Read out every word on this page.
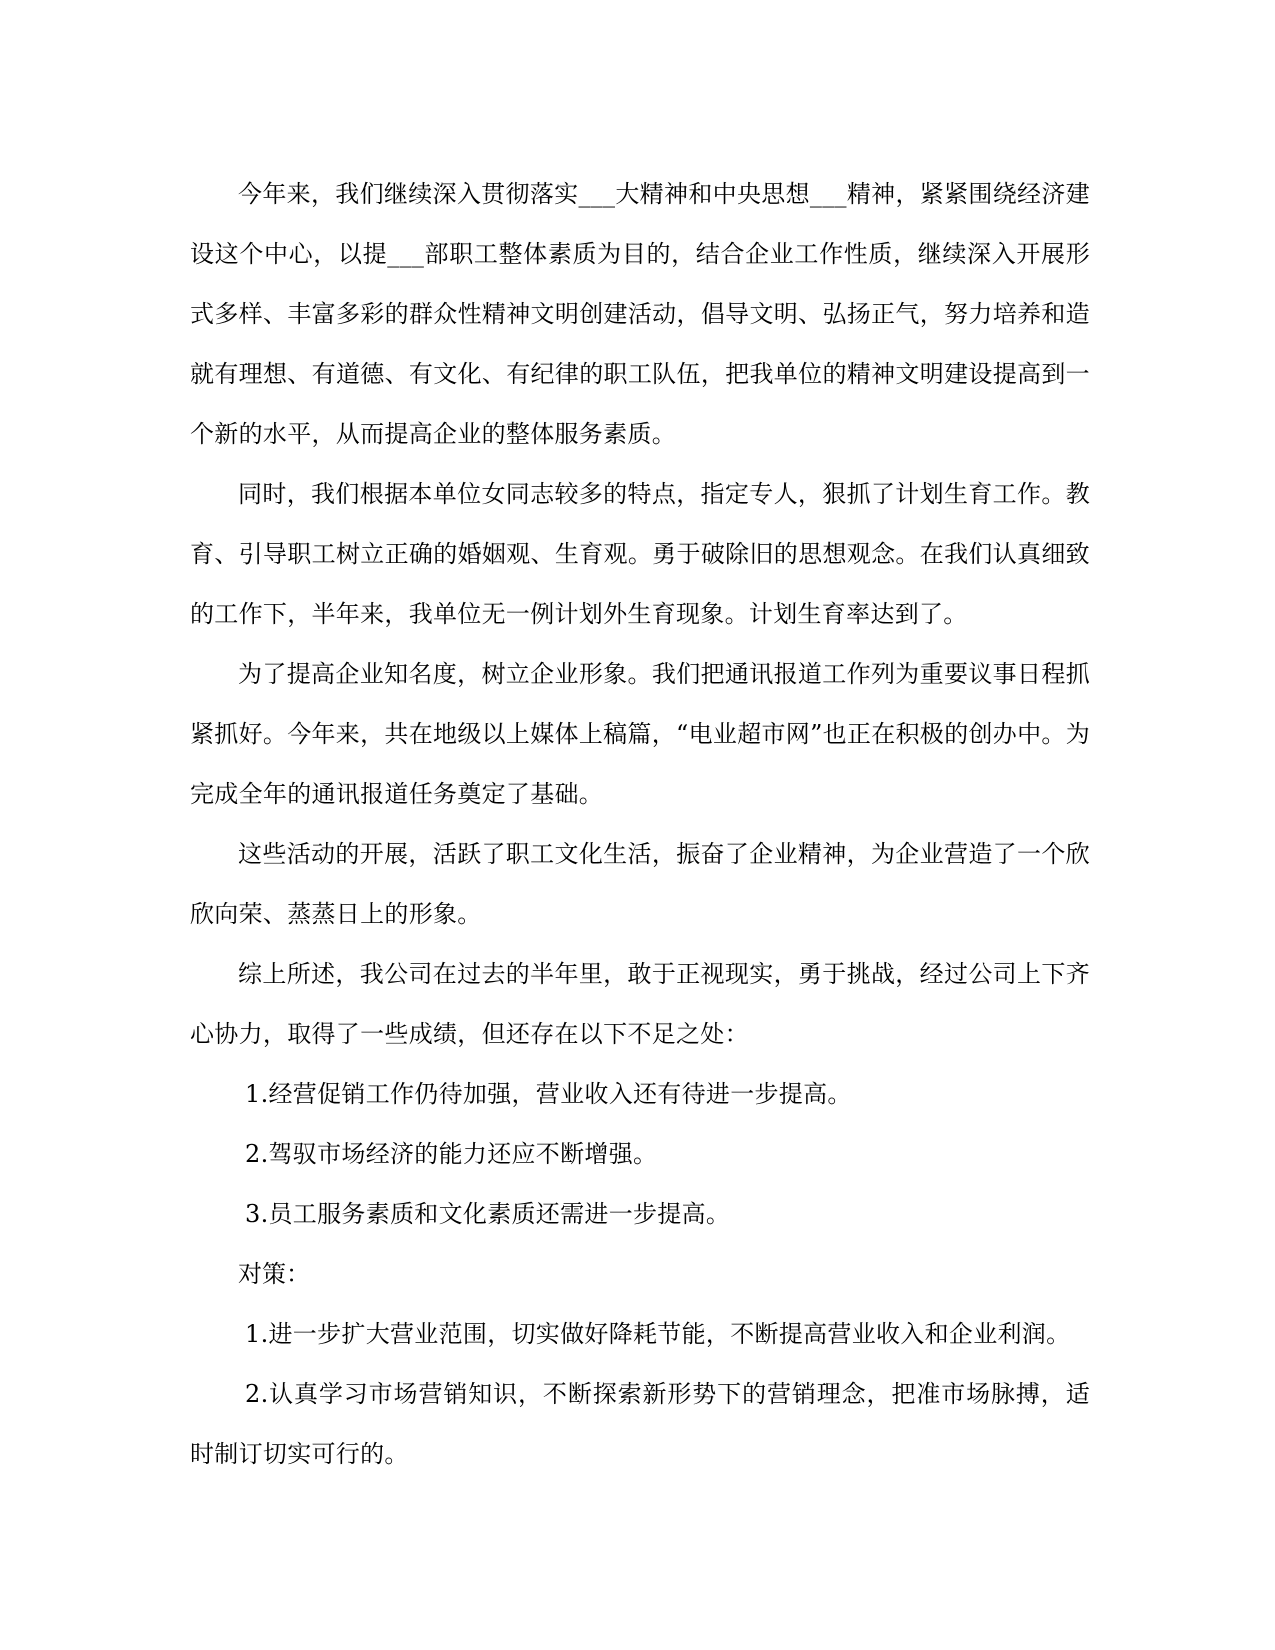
今年来，我们继续深入贯彻落实___大精神和中央思想___精神，紧紧围绕经济建设这个中心，以提___部职工整体素质为目的，结合企业工作性质，继续深入开展形式多样、丰富多彩的群众性精神文明创建活动，倡导文明、弘扬正气，努力培养和造就有理想、有道德、有文化、有纪律的职工队伍，把我单位的精神文明建设提高到一个新的水平，从而提高企业的整体服务素质。

同时，我们根据本单位女同志较多的特点，指定专人，狠抓了计划生育工作。教育、引导职工树立正确的婚姻观、生育观。勇于破除旧的思想观念。在我们认真细致的工作下，半年来，我单位无一例计划外生育现象。计划生育率达到了。

为了提高企业知名度，树立企业形象。我们把通讯报道工作列为重要议事日程抓紧抓好。今年来，共在地级以上媒体上稿篇，“电业超市网”也正在积极的创办中。为完成全年的通讯报道任务奠定了基础。

这些活动的开展，活跃了职工文化生活，振奋了企业精神，为企业营造了一个欣欣向荣、蒸蒸日上的形象。

综上所述，我公司在过去的半年里，敢于正视现实，勇于挑战，经过公司上下齐心协力，取得了一些成绩，但还存在以下不足之处：

1.经营促销工作仍待加强，营业收入还有待进一步提高。

2.驾驭市场经济的能力还应不断增强。

3.员工服务素质和文化素质还需进一步提高。

对策：

1.进一步扩大营业范围，切实做好降耗节能，不断提高营业收入和企业利润。

2.认真学习市场营销知识，不断探索新形势下的营销理念，把准市场脉搏，适时制订切实可行的。
